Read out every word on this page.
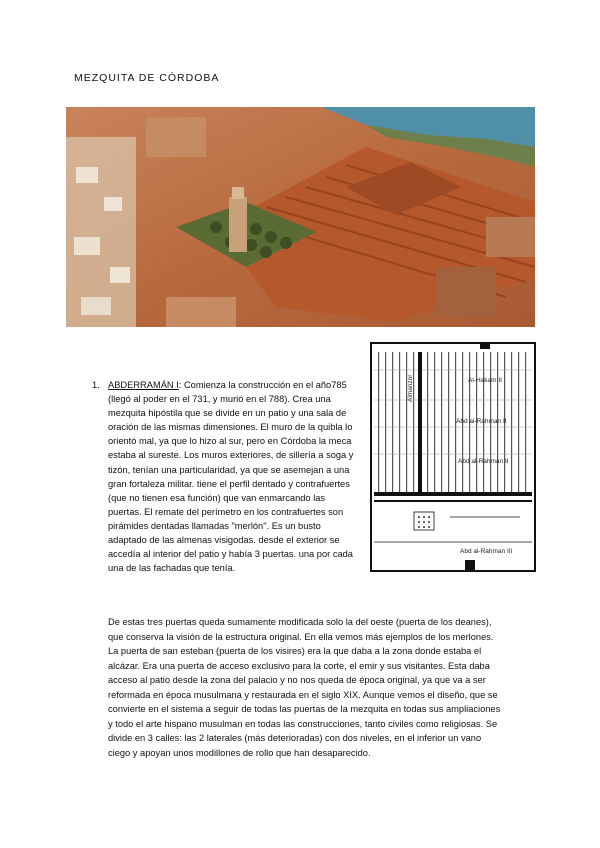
MEZQUITA DE CÓRDOBA
Al-Hakam II
Abd al-Rahman II
Abd al-Rahman II
Abd al-Rahman III
Almanzor
1. ABDERRAMÁN I: Comienza la construcción en el año785 (llegó al poder en el 731, y murió en el 788). Crea una mezquita hipóstila que se divide en un patio y una sala de oración de las mismas dimensiones. El muro de la quibla lo orientó mal, ya que lo hizo al sur, pero en Córdoba la meca estaba al sureste. Los muros exteriores, de sillería a soga y tizón, tenían una particularidad, ya que se asemejan a una gran fortaleza militar. tiene el perfil dentado y contrafuertes (que no tienen esa función) que van enmarcando las puertas. El remate del perímetro en los contrafuertes son pirámides dentadas llamadas "merlón". Es un busto adaptado de las almenas visigodas. desde el exterior se accedía al interior del patio y había 3 puertas. una por cada una de las fachadas que tenía.
De estas tres puertas queda sumamente modificada solo la del oeste (puerta de los deanes), que conserva la visión de la estructura original. En ella vemos más ejemplos de los merlones. La puerta de san esteban (puerta de los visires) era la que daba a la zona donde estaba el alcázar. Era una puerta de acceso exclusivo para la corte, el emir y sus visitantes. Esta daba acceso al patio desde la zona del palacio y no nos queda de época original, ya que va a ser reformada en época musulmana y restaurada en el siglo XIX. Aunque vemos el diseño, que se convierte en el sistema a seguir de todas las puertas de la mezquita en todas sus ampliaciones y todo el arte hispano musulman en todas las construcciones, tanto civiles como religiosas. Se divide en 3 calles: las 2 laterales (más deterioradas) con dos niveles, en el inferior un vano ciego y apoyan unos modillones de rollo que han desaparecido.
